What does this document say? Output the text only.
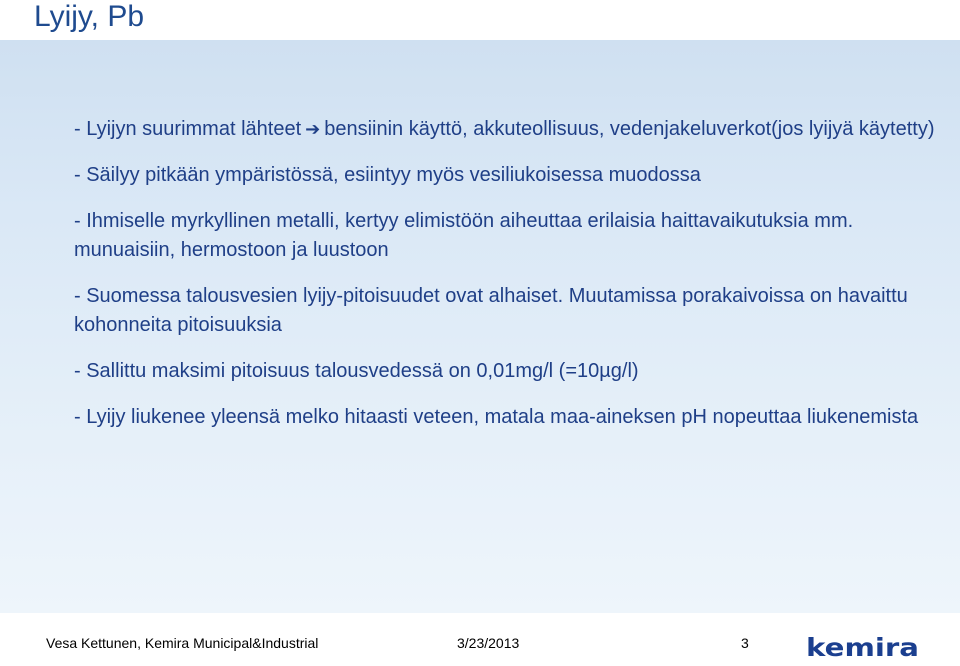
Lyijy, Pb
- Lyijyn suurimmat lähteet ➔ bensiinin käyttö, akkuteollisuus, vedenjakeluverkot(jos lyijyä käytetty)
- Säilyy pitkään ympäristössä, esiintyy myös vesiliukoisessa muodossa
- Ihmiselle myrkyllinen metalli, kertyy elimistöön aiheuttaa erilaisia haittavaikutuksia mm. munuaisiin, hermostoon ja luustoon
- Suomessa talousvesien lyijy-pitoisuudet ovat alhaiset. Muutamissa porakaivoissa on havaittu kohonneita pitoisuuksia
- Sallittu maksimi pitoisuus talousvedessä on 0,01mg/l (=10µg/l)
- Lyijy liukenee yleensä melko hitaasti veteen, matala maa-aineksen pH nopeuttaa liukenemista
Vesa Kettunen, Kemira Municipal&Industrial	3/23/2013	3 kemira
